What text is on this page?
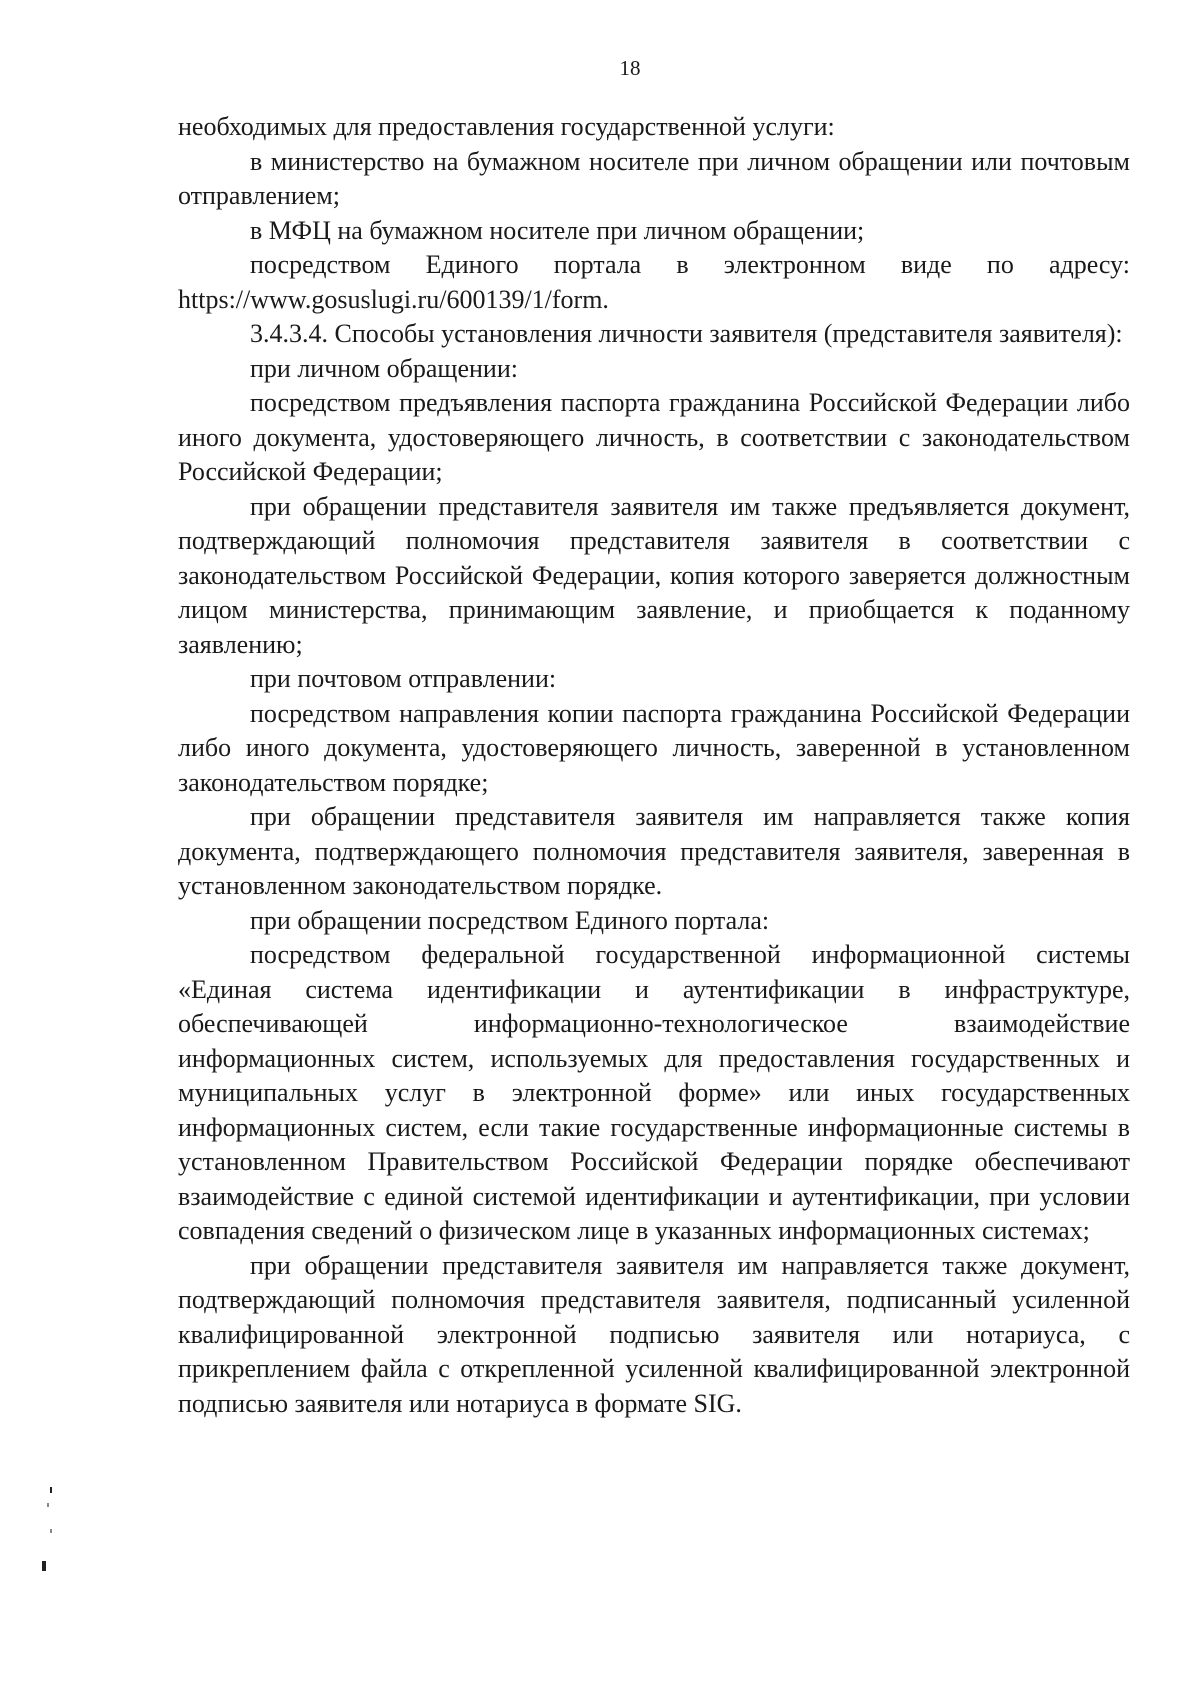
18

необходимых для предоставления государственной услуги:

в министерство на бумажном носителе при личном обращении или почтовым отправлением;

в МФЦ на бумажном носителе при личном обращении;

посредством Единого портала в электронном виде по адресу: https://www.gosuslugi.ru/600139/1/form.

3.4.3.4. Способы установления личности заявителя (представителя заявителя):

при личном обращении:

посредством предъявления паспорта гражданина Российской Федерации либо иного документа, удостоверяющего личность, в соответствии с законодательством Российской Федерации;

при обращении представителя заявителя им также предъявляется документ, подтверждающий полномочия представителя заявителя в соответствии с законодательством Российской Федерации, копия которого заверяется должностным лицом министерства, принимающим заявление, и приобщается к поданному заявлению;

при почтовом отправлении:

посредством направления копии паспорта гражданина Российской Федерации либо иного документа, удостоверяющего личность, заверенной в установленном законодательством порядке;

при обращении представителя заявителя им направляется также копия документа, подтверждающего полномочия представителя заявителя, заверенная в установленном законодательством порядке.

при обращении посредством Единого портала:

посредством федеральной государственной информационной системы «Единая система идентификации и аутентификации в инфраструктуре, обеспечивающей информационно-технологическое взаимодействие информационных систем, используемых для предоставления государственных и муниципальных услуг в электронной форме» или иных государственных информационных систем, если такие государственные информационные системы в установленном Правительством Российской Федерации порядке обеспечивают взаимодействие с единой системой идентификации и аутентификации, при условии совпадения сведений о физическом лице в указанных информационных системах;

при обращении представителя заявителя им направляется также документ, подтверждающий полномочия представителя заявителя, подписанный усиленной квалифицированной электронной подписью заявителя или нотариуса, с прикреплением файла с открепленной усиленной квалифицированной электронной подписью заявителя или нотариуса в формате SIG.
